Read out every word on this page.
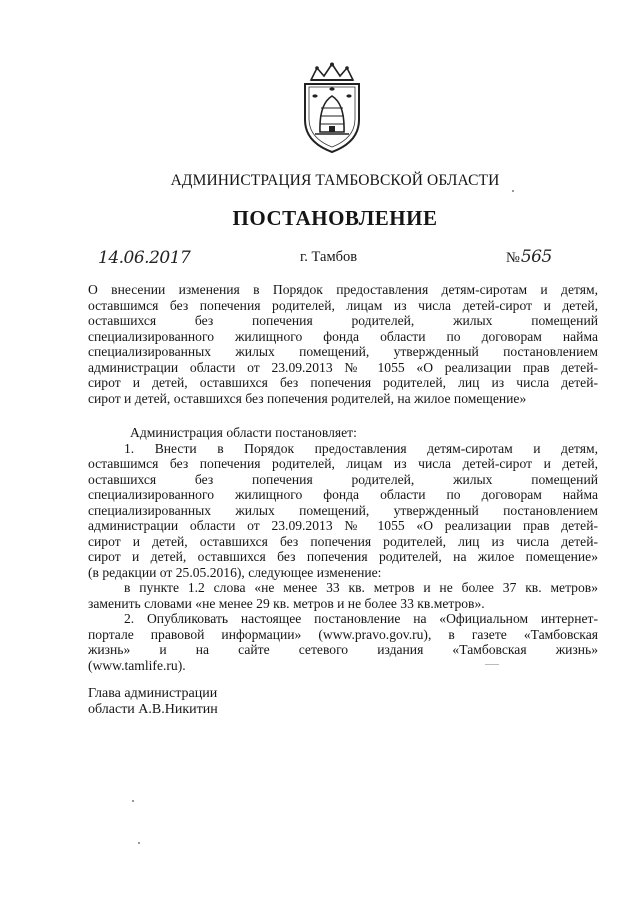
АДМИНИСТРАЦИЯ ТАМБОВСКОЙ ОБЛАСТИ
ПОСТАНОВЛЕНИЕ
14.06.2017	г. Тамбов	№565
О внесении изменения в Порядок предоставления детям-сиротам и детям,
оставшимся без попечения родителей, лицам из числа детей-сирот и детей,
оставшихся без попечения родителей, жилых помещений
специализированного жилищного фонда области по договорам найма
специализированных жилых помещений, утвержденный постановлением
администрации области от 23.09.2013 № 1055 «О реализации прав детей-
сирот и детей, оставшихся без попечения родителей, лиц из числа детей-
сирот и детей, оставшихся без попечения родителей, на жилое помещение»
Администрация области постановляет:
1. Внести в Порядок предоставления детям-сиротам и детям,
оставшимся без попечения родителей, лицам из числа детей-сирот и детей,
оставшихся без попечения родителей, жилых помещений
специализированного жилищного фонда области по договорам найма
специализированных жилых помещений, утвержденный постановлением
администрации области от 23.09.2013 № 1055 «О реализации прав детей-
сирот и детей, оставшихся без попечения родителей, лиц из числа детей-
сирот и детей, оставшихся без попечения родителей, на жилое помещение»
(в редакции от 25.05.2016), следующее изменение:
в пункте 1.2 слова «не менее 33 кв. метров и не более 37 кв. метров»
заменить словами «не менее 29 кв. метров и не более 33 кв.метров».
2. Опубликовать настоящее постановление на «Официальном интернет-
портале правовой информации» (www.pravo.gov.ru), в газете «Тамбовская
жизнь» и на сайте сетевого издания «Тамбовская жизнь»
(www.tamlife.ru).
Глава администрации
области А.В.Никитин
